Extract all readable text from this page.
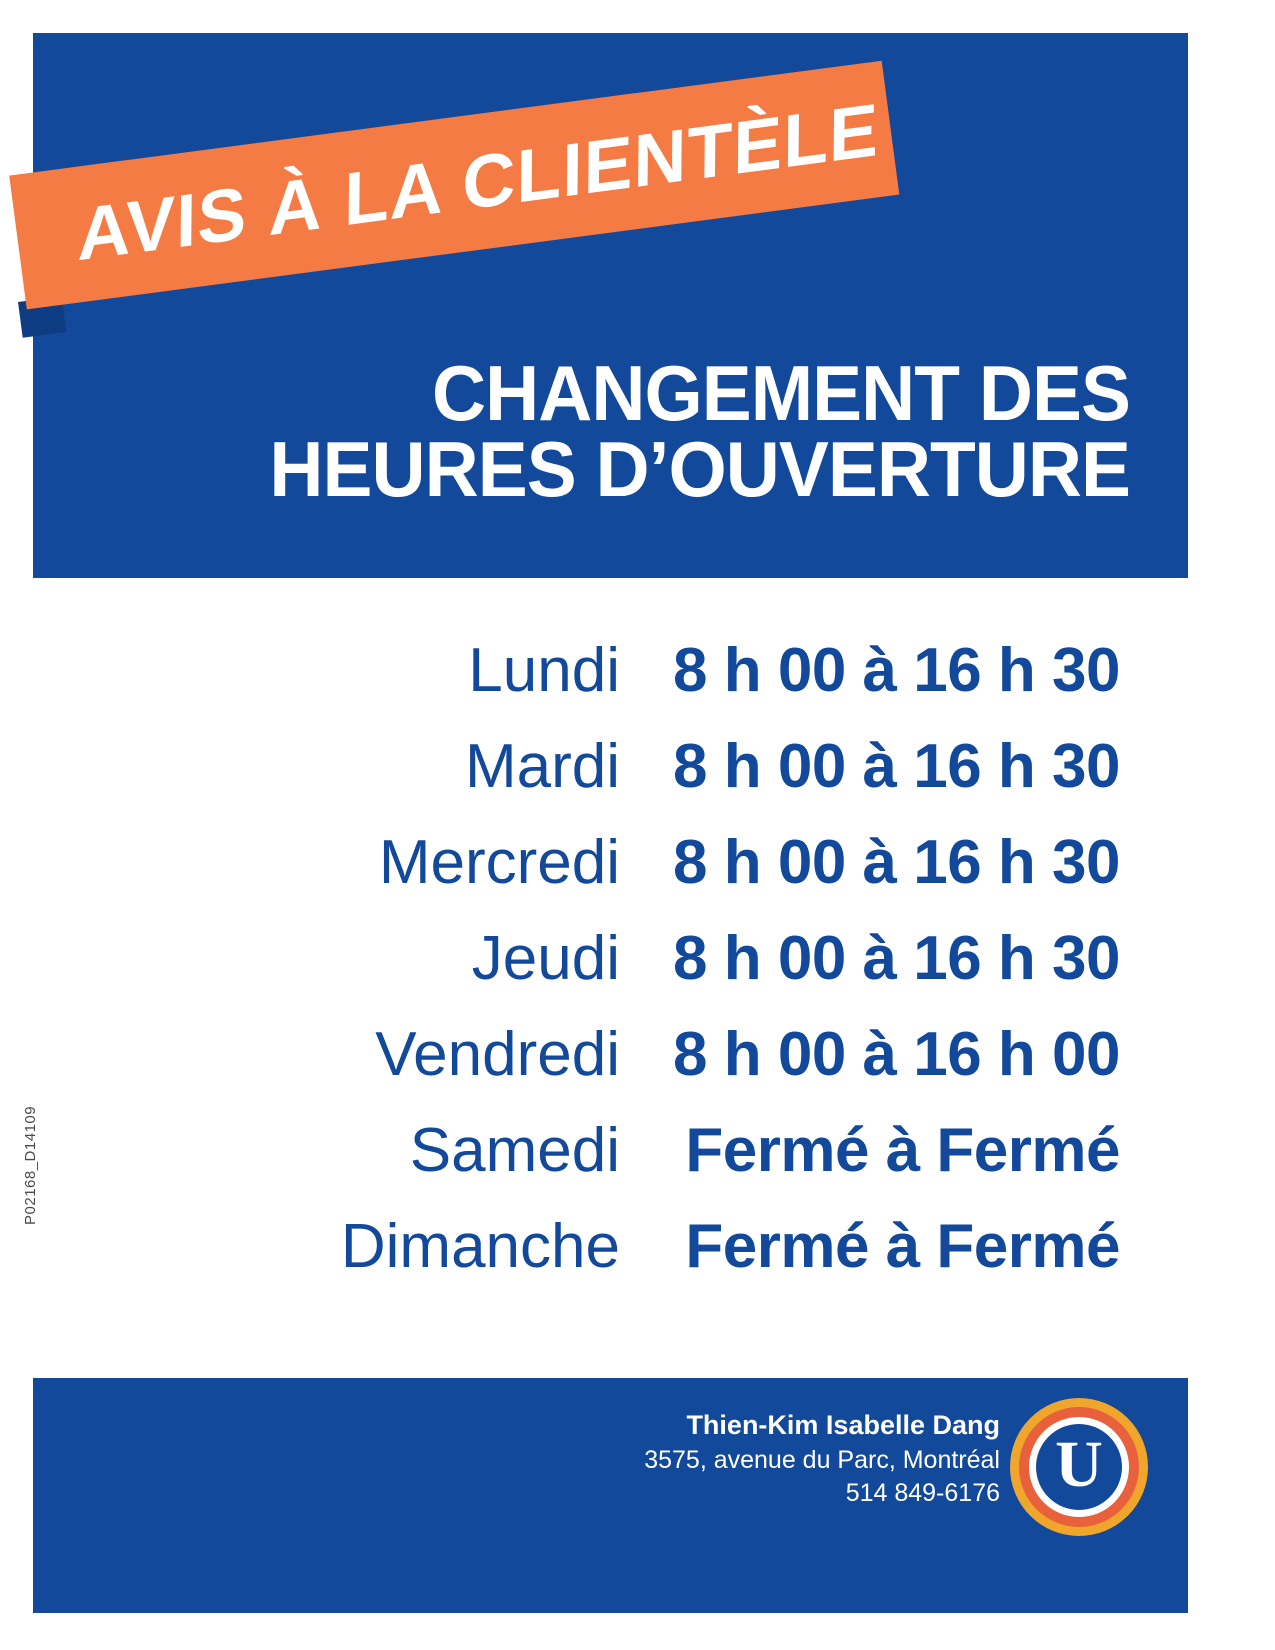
AVIS À LA CLIENTÈLE
CHANGEMENT DES
HEURES D’OUVERTURE
Lundi 8 h 00 à 16 h 30
Mardi 8 h 00 à 16 h 30
Mercredi 8 h 00 à 16 h 30
Jeudi 8 h 00 à 16 h 30
Vendredi 8 h 00 à 16 h 00
Samedi	Fermé à Fermé
Dimanche	Fermé à Fermé
P02168_D14109
Thien-Kim Isabelle Dang
3575, avenue du Parc, Montréal
514 849-6176 U
